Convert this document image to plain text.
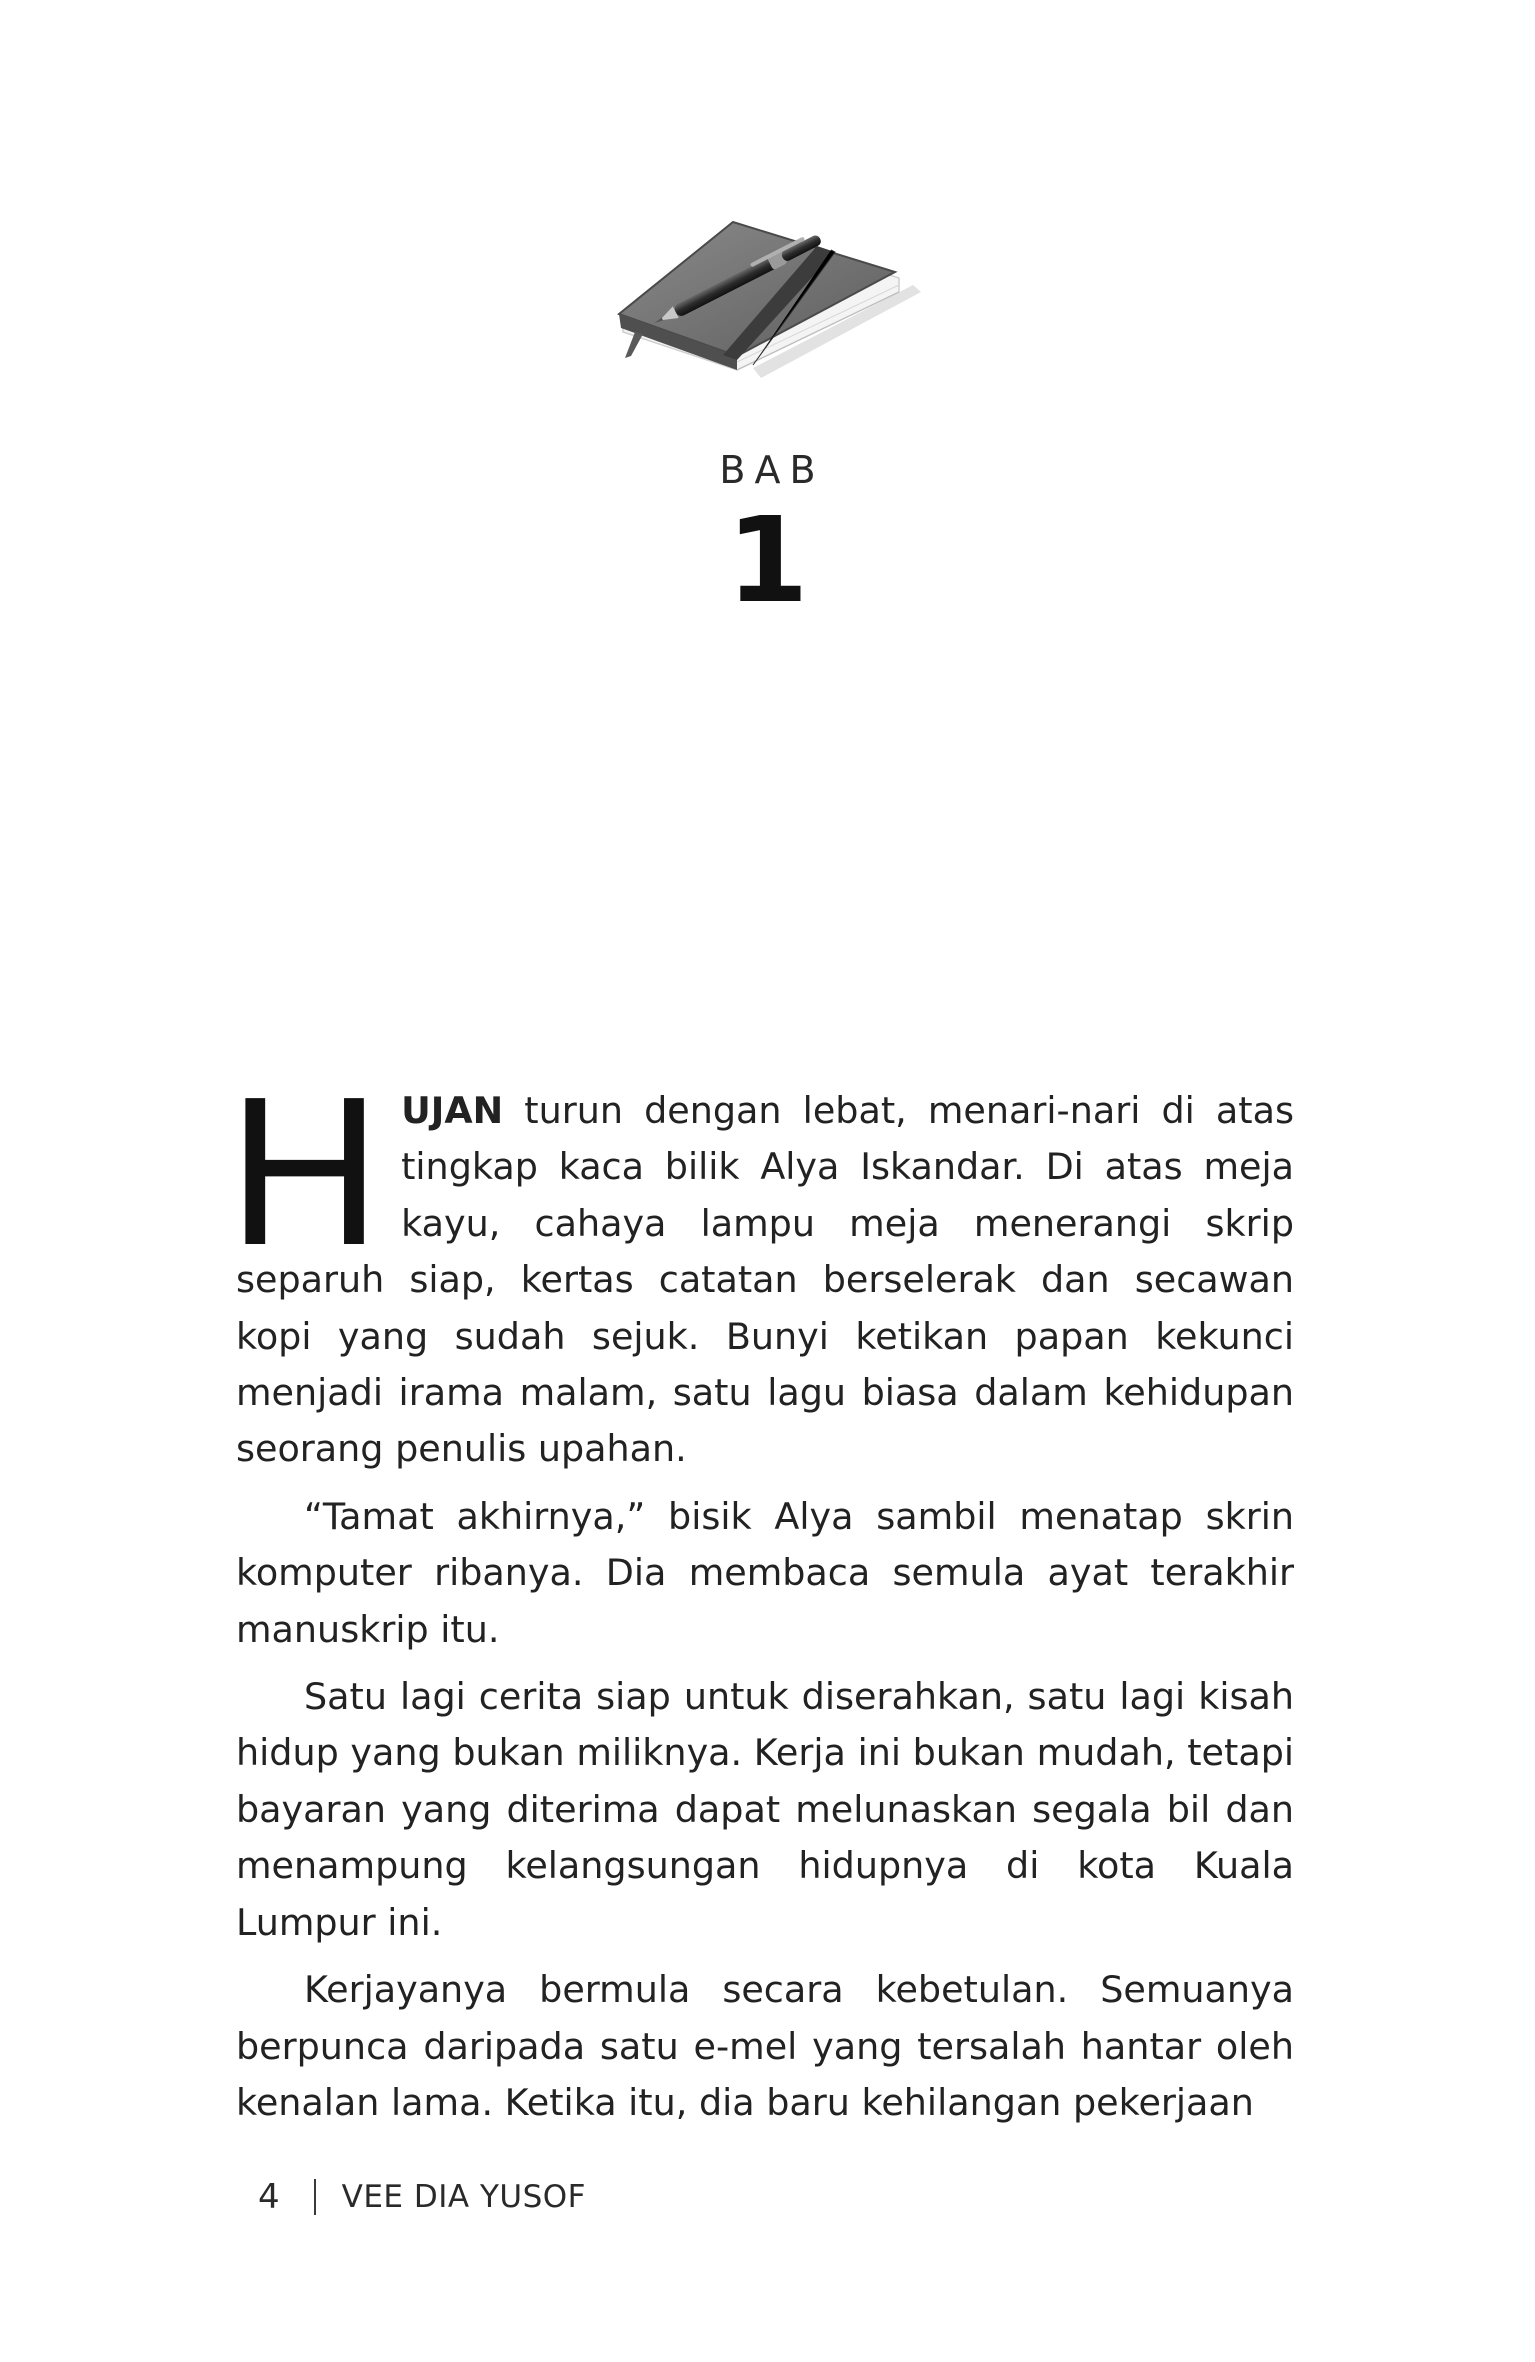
BAB
1

HUJAN turun dengan lebat, menari-nari di atas tingkap kaca bilik Alya Iskandar. Di atas meja kayu, cahaya lampu meja menerangi skrip separuh siap, kertas catatan berselerak dan secawan kopi yang sudah sejuk. Bunyi ketikan papan kekunci menjadi irama malam, satu lagu biasa dalam kehidupan seorang penulis upahan.

“Tamat akhirnya,” bisik Alya sambil menatap skrin komputer ribanya. Dia membaca semula ayat terakhir manuskrip itu.

Satu lagi cerita siap untuk diserahkan, satu lagi kisah hidup yang bukan miliknya. Kerja ini bukan mudah, tetapi bayaran yang diterima dapat melunaskan segala bil dan menampung kelangsungan hidupnya di kota Kuala Lumpur ini.

Kerjayanya bermula secara kebetulan. Semuanya berpunca daripada satu e-mel yang tersalah hantar oleh kenalan lama. Ketika itu, dia baru kehilangan pekerjaan

4 VEE DIA YUSOF
